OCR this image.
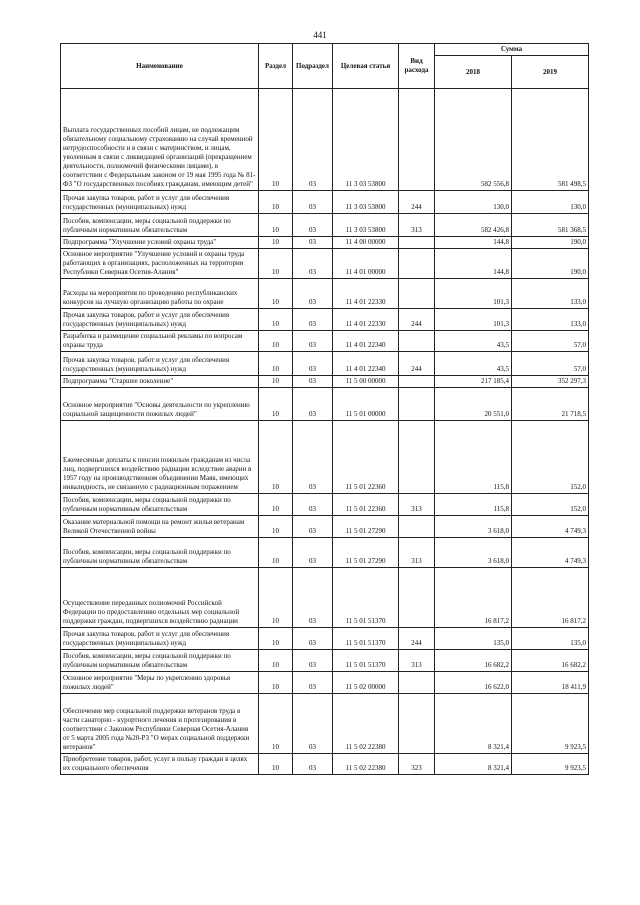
441
Наименование	Раздел	Подраздел	Целевая статья	Вид расхода	Сумма	
					2018	2019
Выплата государственных пособий лицам, не подлежащим обязательному социальному страхованию на случай временной нетрудоспособности и в связи с материнством, и лицам, уволенным в связи с ликвидацией организаций (прекращением деятельности, полномочий физическими лицами), в соответствии с Федеральным законом от 19 мая 1995 года № 81-ФЗ "О государственных пособиях гражданам, имеющим детей"	10	03	11 3 03 53800		582 556,8	581 498,5
Прочая закупка товаров, работ и услуг для обеспечения государственных (муниципальных) нужд	10	03	11 3 03 53800	244	130,0	130,0
Пособия, компенсации, меры социальной поддержки по публичным нормативным обязательствам	10	03	11 3 03 53800	313	582 426,8	581 368,5
Подпрограмма "Улучшение условий охраны труда"	10	03	11 4 00 00000		144,8	190,0
Основное мероприятие "Улучшение условий и охраны труда работающих в организациях, расположенных на территории Республики Северная Осетия-Алания"	10	03	11 4 01 00000		144,8	190,0
Расходы на мероприятия по проведению республиканских конкурсов на лучшую организацию работы по охране	10	03	11 4 01 22330		101,3	133,0
Прочая закупка товаров, работ и услуг для обеспечения государственных (муниципальных) нужд	10	03	11 4 01 22330	244	101,3	133,0
Разработка и размещение социальной рекламы по вопросам охраны труда	10	03	11 4 01 22340		43,5	57,0
Прочая закупка товаров, работ и услуг для обеспечения государственных (муниципальных) нужд	10	03	11 4 01 22340	244	43,5	57,0
Подпрограмма "Старшее поколение"	10	03	11 5 00 00000		217 185,4	352 297,3
Основное мероприятие "Основы деятельности по укреплению социальной защищенности пожилых людей"	10	03	11 5 01 00000		20 551,0	21 718,5
Ежемесячные доплаты к пенсии пожилым гражданам из числа лиц, подвергшихся воздействию радиации вследствие аварии в 1957 году на производственном объединении Маяк, имеющих инвалидность, не связанную с радиационным поражением	10	03	11 5 01 22360		115,8	152,0
Пособия, компенсации, меры социальной поддержки по публичным нормативным обязательствам	10	03	11 5 01 22360	313	115,8	152,0
Оказание материальной помощи на ремонт жилья ветеранам Великой Отечественной войны	10	03	11 5 01 27290		3 618,0	4 749,3
Пособия, компенсации, меры социальной поддержки по публичным нормативным обязательствам	10	03	11 5 01 27290	313	3 618,0	4 749,3
Осуществление переданных полномочий Российской Федерации по предоставлению отдельных мер социальной поддержки граждан, подвергшихся воздействию радиации	10	03	11 5 01 51370		16 817,2	16 817,2
Прочая закупка товаров, работ и услуг для обеспечения государственных (муниципальных) нужд	10	03	11 5 01 51370	244	135,0	135,0
Пособия, компенсации, меры социальной поддержки по публичным нормативным обязательствам	10	03	11 5 01 51370	313	16 682,2	16 682,2
Основное мероприятие "Меры по укреплению здоровья пожилых людей"	10	03	11 5 02 00000		16 622,0	18 411,9
Обеспечение мер социальной поддержки ветеранов труда в части санаторно - курортного лечения и протезирования в соответствии с Законом Республики Северная Осетия-Алания от 5 марта 2005 года №20-РЗ "О мерах социальной поддержки ветеранов"	10	03	11 5 02 22380		8 321,4	9 923,5
Приобретение товаров, работ, услуг в пользу граждан в целях их социального обеспечения	10	03	11 5 02 22380	323	8 321,4	9 923,5
